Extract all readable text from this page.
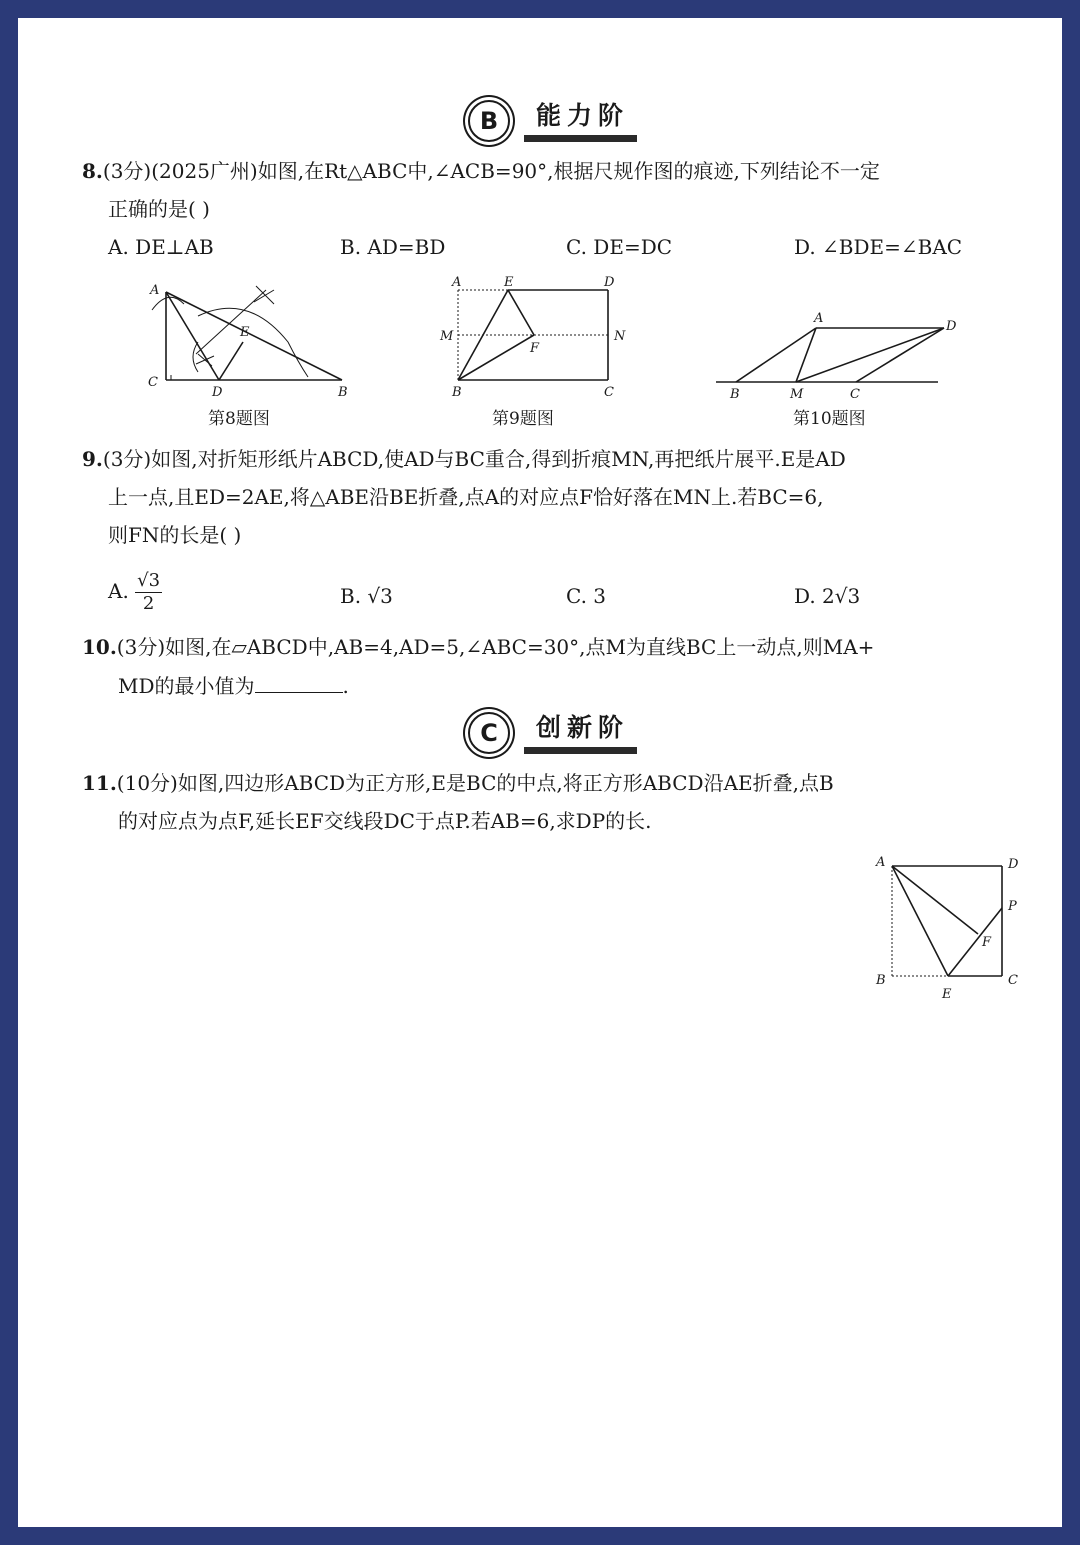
B	能力阶
8.(3分)(2025广州)如图,在Rt△ABC中,∠ACB=90°,根据尺规作图的痕迹,下列结论不一定
正确的是( )
A. DE⊥AB	B. AD=BD	C. DE=DC	D. ∠BDE=∠BAC
A
C
D
E
B
第8题图
A	E	D
M	N
F
B	C
第9题图
A
D
B	M	C
第10题图
9.(3分)如图,对折矩形纸片ABCD,使AD与BC重合,得到折痕MN,再把纸片展平.E是AD
上一点,且ED=2AE,将△ABE沿BE折叠,点A的对应点F恰好落在MN上.若BC=6,
则FN的长是( )
A. $\frac{√3}{2}$	B. √3	C. 3	D. 2√3
10.(3分)如图,在▱ABCD中,AB=4,AD=5,∠ABC=30°,点M为直线BC上一动点,则MA+
MD的最小值为	.
C	创新阶
11.(10分)如图,四边形ABCD为正方形,E是BC的中点,将正方形ABCD沿AE折叠,点B
的对应点为点F,延长EF交线段DC于点P.若AB=6,求DP的长.
A	D
P
F
B
E
C
